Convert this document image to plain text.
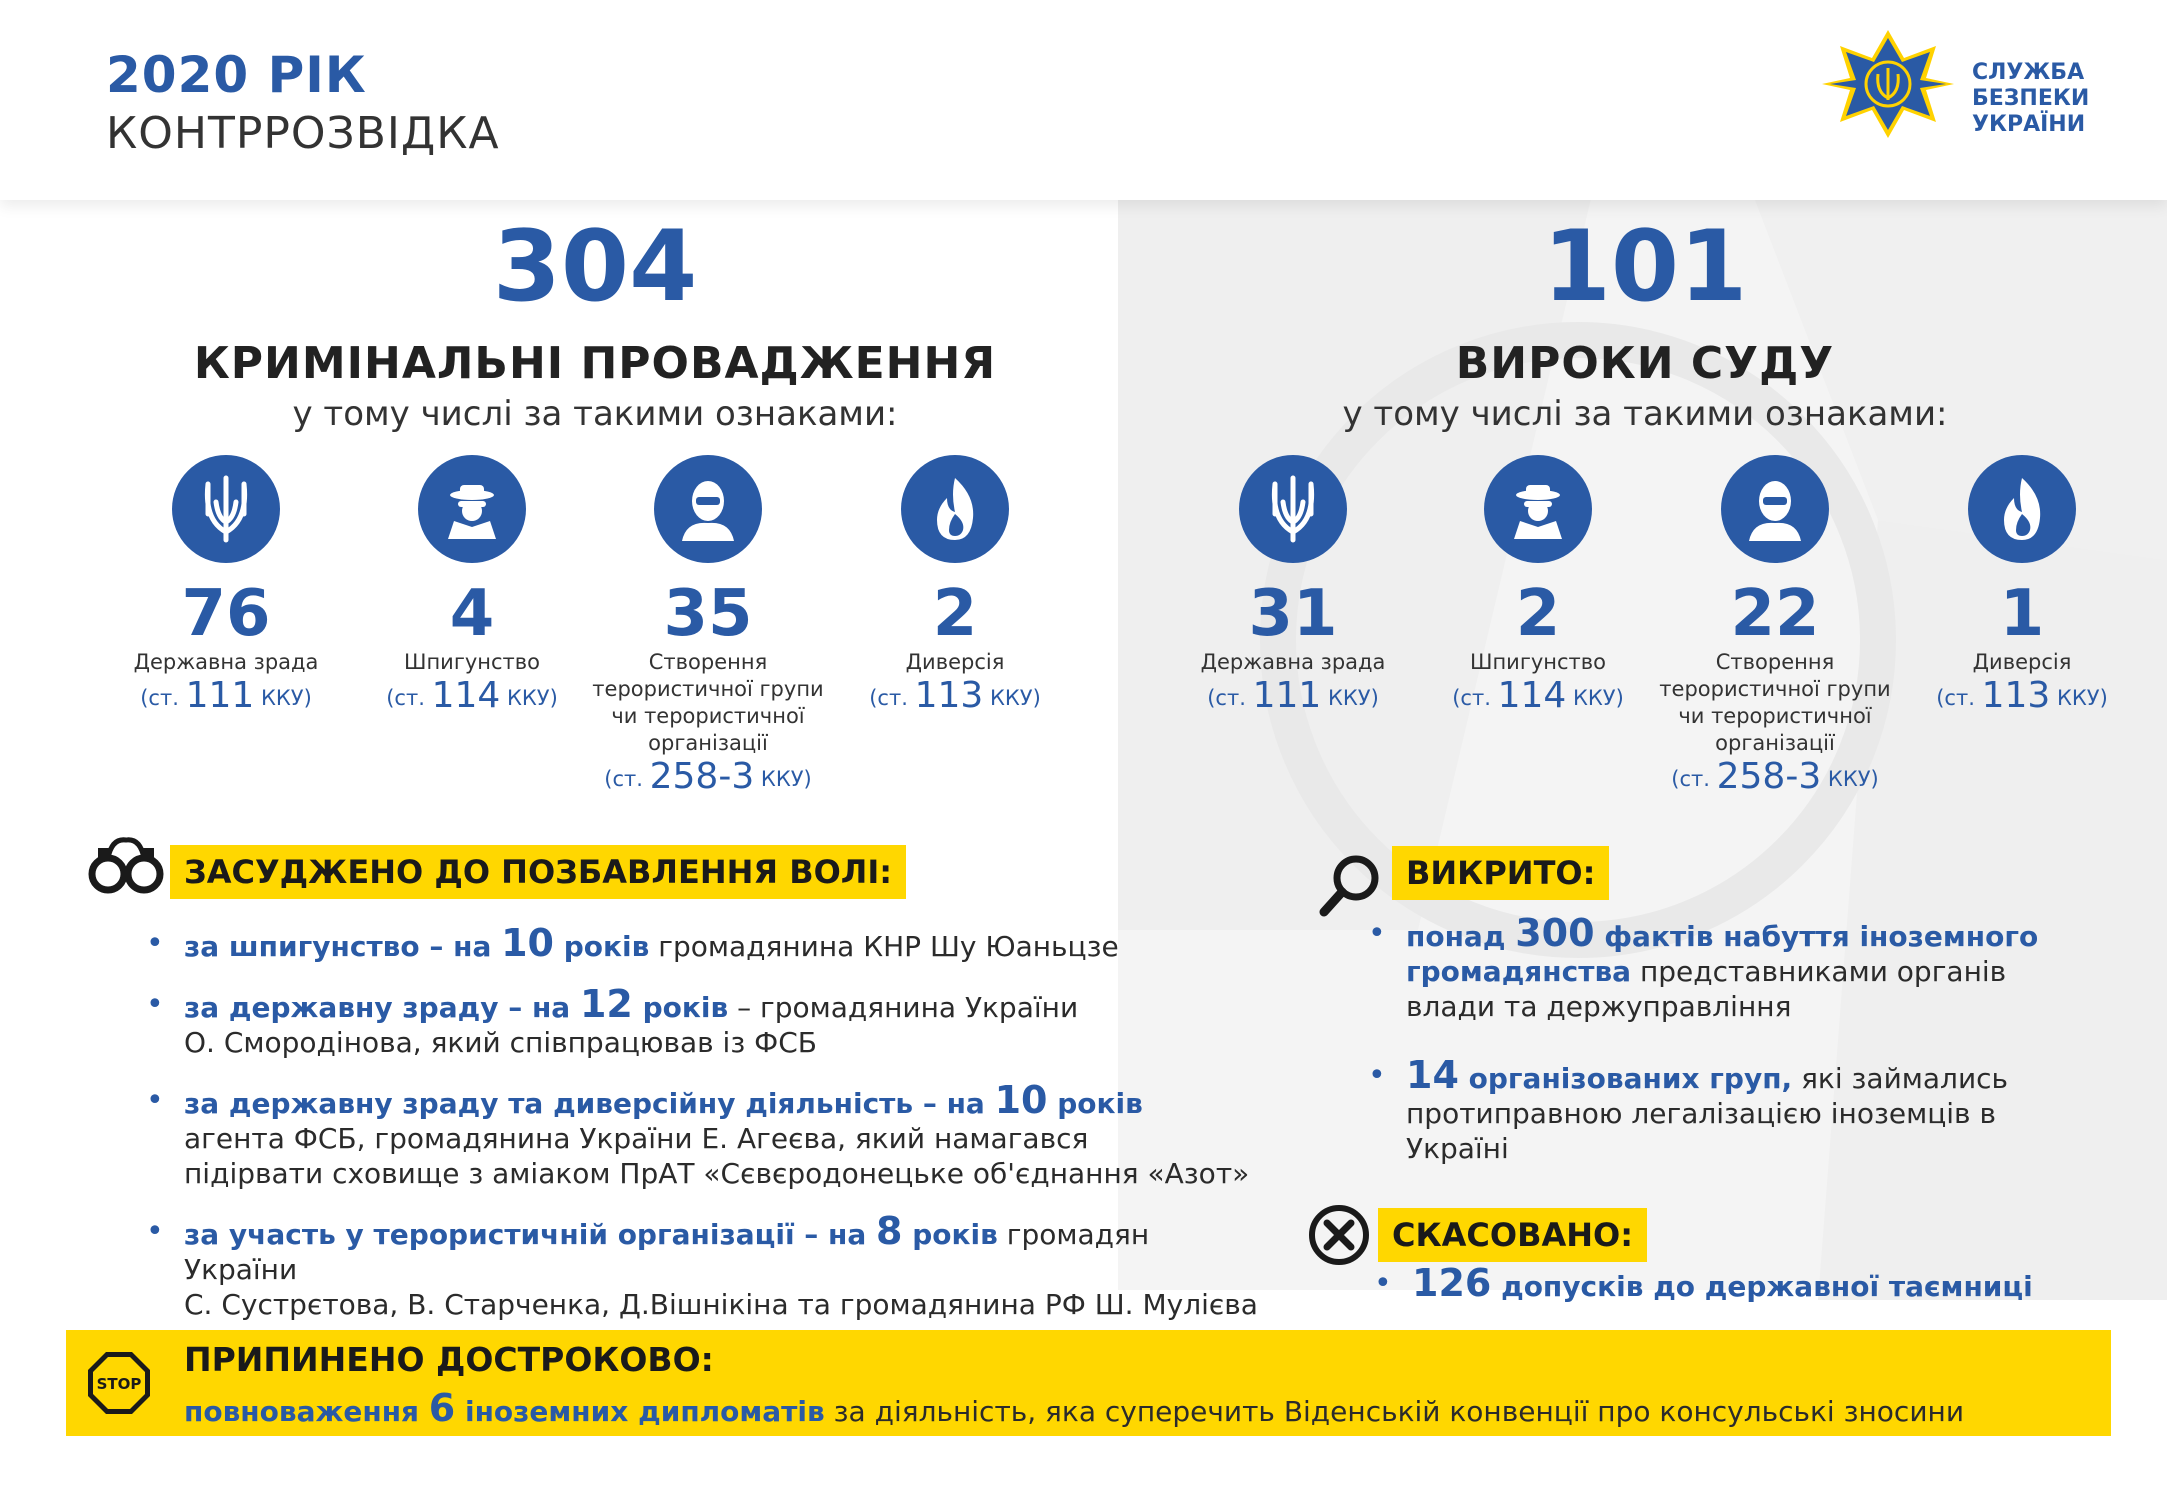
2020 РІК
КОНТРРОЗВІДКА
СЛУЖБА
БЕЗПЕКИ
УКРАЇНИ
304
КРИМІНАЛЬНІ ПРОВАДЖЕННЯ
у тому числі за такими ознаками:
101
ВИРОКИ СУДУ
у тому числі за такими ознаками:
76
Державна зрада
(ст. 111 ККУ)
4
Шпигунство
(ст. 114 ККУ)
35
Створення терористичної групи чи терористичної організації
(ст. 258-3 ККУ)
2
Диверсія
(ст. 113 ККУ)
31
Державна зрада
(ст. 111 ККУ)
2
Шпигунство
(ст. 114 ККУ)
22
Створення терористичної групи чи терористичної організації
(ст. 258-3 ККУ)
1
Диверсія
(ст. 113 ККУ)
ЗАСУДЖЕНО ДО ПОЗБАВЛЕННЯ ВОЛІ:
• за шпигунство – на 10 років громадянина КНР Шу Юаньцзе
• за державну зраду – на 12 років – громадянина України
О. Смородінова, який співпрацював із ФСБ
• за державну зраду та диверсійну діяльність – на 10 років
агента ФСБ, громадянина України Е. Агеєва, який намагався
підірвати сховище з аміаком ПрАТ «Сєвєродонецьке об'єднання «Азот»
• за участь у терористичній організації – на 8 років громадян України
С. Сустрєтова, В. Старченка, Д.Вішнікіна та громадянина РФ Ш. Мулієва
ВИКРИТО:
• понад 300 фактів набуття іноземного
громадянства представниками органів
влади та держуправління
• 14 організованих груп, які займались
протиправною легалізацією іноземців в
Україні
СКАСОВАНО:
• 126 допусків до державної таємниці
STOP
ПРИПИНЕНО ДОСТРОКОВО:
повноваження 6 іноземних дипломатів за діяльність, яка суперечить Віденській конвенції про консульські зносини
